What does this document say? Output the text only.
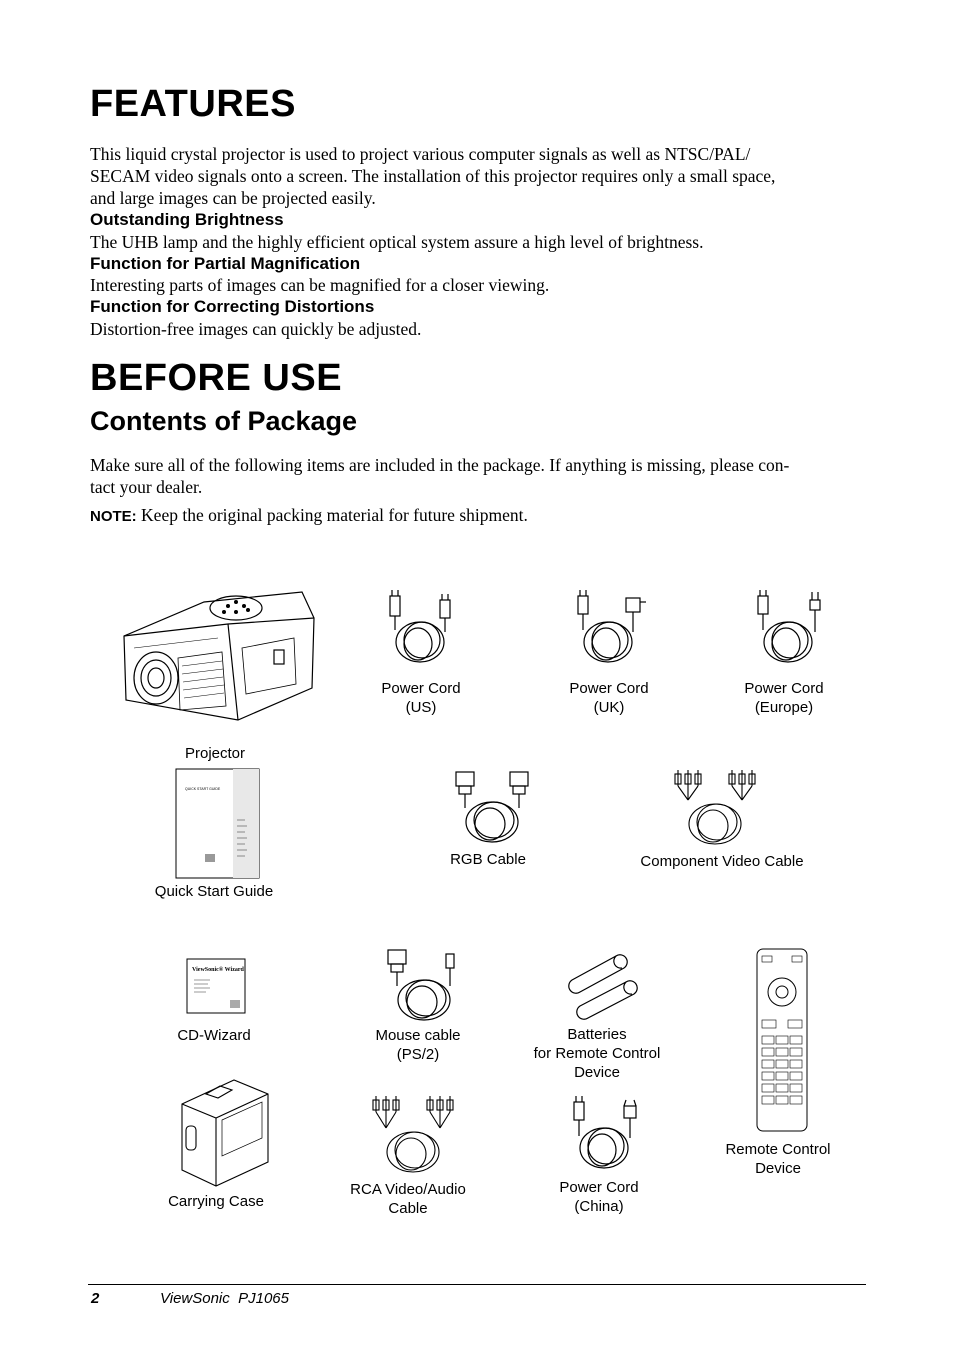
FEATURES

This liquid crystal projector is used to project various computer signals as well as NTSC/PAL/

SECAM video signals onto a screen. The installation of this projector requires only a small space,

and large images can be projected easily.

Outstanding Brightness

The UHB lamp and the highly efficient optical system assure a high level of brightness.

Function for Partial Magnification

Interesting parts of images can be magnified for a closer viewing.

Function for Correcting Distortions

Distortion-free images can quickly be adjusted.

BEFORE USE
Contents of Package

Make sure all of the following items are included in the package. If anything is missing, please con-

tact your dealer.

NOTE: Keep the original packing material for future shipment.

QUICK START GUIDE
ViewSonic® Wizard
Projector
Power Cord
(US)
Power Cord
(UK)
Power Cord
(Europe)
Quick Start Guide
RGB Cable	Component Video Cable
CD-Wizard	Mouse cable
(PS/2)
Batteries
for Remote Control
Device
Remote Control
Device
Carrying Case
RCA Video/Audio
Cable
Power Cord
(China)
2	ViewSonic  PJ1065
